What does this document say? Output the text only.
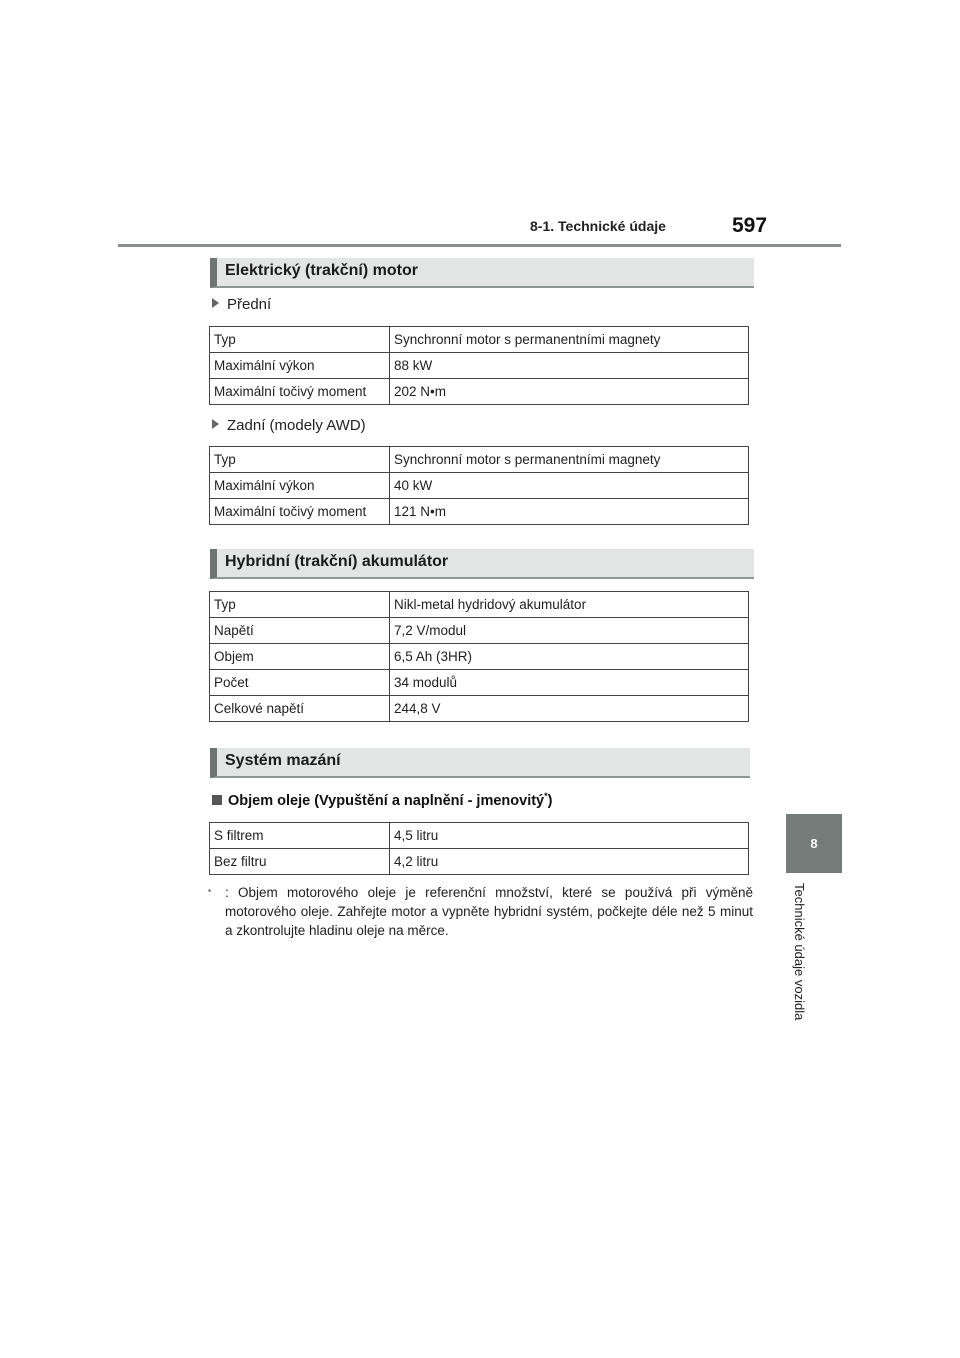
8-1. Technické údaje	597
8
Technické údaje vozidla
Elektrický (trakční) motor
Přední
Typ	Synchronní motor s permanentními magnety
Maximální výkon	88 kW
Maximální točivý moment	202 N•m
Zadní (modely AWD)
Typ	Synchronní motor s permanentními magnety
Maximální výkon	40 kW
Maximální točivý moment	121 N•m
Hybridní (trakční) akumulátor
Typ	Nikl-metal hydridový akumulátor
Napětí	7,2 V/modul
Objem	6,5 Ah (3HR)
Počet	34 modulů
Celkové napětí	244,8 V
Systém mazání
Objem oleje (Vypuštění a naplnění - jmenovitý*)
S filtrem	4,5 litru
Bez filtru	4,2 litru
* : Objem motorového oleje je referenční množství, které se používá při výměně motorového oleje. Zahřejte motor a vypněte hybridní systém, počkejte déle než 5 minut a zkontrolujte hladinu oleje na měrce.
